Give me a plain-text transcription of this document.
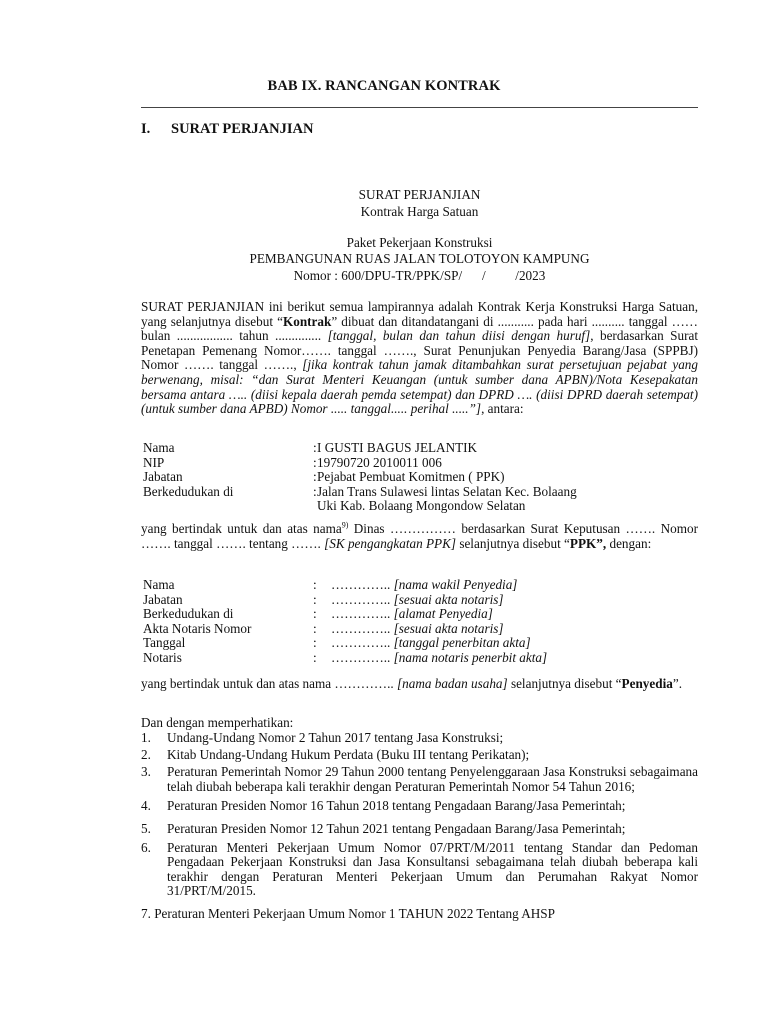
BAB IX. RANCANGAN KONTRAK
I. SURAT PERJANJIAN
SURAT PERJANJIAN
Kontrak Harga Satuan
Paket Pekerjaan Konstruksi
PEMBANGUNAN RUAS JALAN TOLOTOYON KAMPUNG
Nomor : 600/DPU-TR/PPK/SP/      /         /2023
SURAT PERJANJIAN ini berikut semua lampirannya adalah Kontrak Kerja Konstruksi Harga Satuan, yang selanjutnya disebut “Kontrak” dibuat dan ditandatangani di ........... pada hari .......... tanggal …… bulan ................. tahun .............. [tanggal, bulan dan tahun diisi dengan huruf], berdasarkan Surat Penetapan Pemenang Nomor……. tanggal ……., Surat Penunjukan Penyedia Barang/Jasa (SPPBJ) Nomor ……. tanggal ……., [jika kontrak tahun jamak ditambahkan surat persetujuan pejabat yang berwenang, misal: “dan Surat Menteri Keuangan (untuk sumber dana APBN)/Nota Kesepakatan bersama antara ….. (diisi kepala daerah pemda setempat) dan DPRD …. (diisi DPRD daerah setempat) (untuk sumber dana APBD) Nomor ..... tanggal..... perihal .....”], antara:
Nama	: I GUSTI BAGUS JELANTIK
NIP	: 19790720 2010011 006
Jabatan	: Pejabat Pembuat Komitmen ( PPK)
Berkedudukan di	: Jalan Trans Sulawesi lintas Selatan Kec. Bolaang
Uki Kab. Bolaang Mongondow Selatan
yang bertindak untuk dan atas nama$^{9)}$ Dinas …………… berdasarkan Surat Keputusan ……. Nomor ……. tanggal ……. tentang ……. [SK pengangkatan PPK] selanjutnya disebut “PPK”, dengan:
Nama	:	………….. [nama wakil Penyedia]
Jabatan	:	………….. [sesuai akta notaris]
Berkedudukan di	:	………….. [alamat Penyedia]
Akta Notaris Nomor	:	………….. [sesuai akta notaris]
Tanggal	:	………….. [tanggal penerbitan akta]
Notaris	:	………….. [nama notaris penerbit akta]
yang bertindak untuk dan atas nama ………….. [nama badan usaha] selanjutnya disebut “Penyedia”.
Dan dengan memperhatikan:
1. Undang-Undang Nomor 2 Tahun 2017 tentang Jasa Konstruksi;
2. Kitab Undang-Undang Hukum Perdata (Buku III tentang Perikatan);
3. Peraturan Pemerintah Nomor 29 Tahun 2000 tentang Penyelenggaraan Jasa Konstruksi sebagaimana telah diubah beberapa kali terakhir dengan Peraturan Pemerintah Nomor 54 Tahun 2016;
4. Peraturan Presiden Nomor 16 Tahun 2018 tentang Pengadaan Barang/Jasa Pemerintah;
5. Peraturan Presiden Nomor 12 Tahun 2021 tentang Pengadaan Barang/Jasa Pemerintah;
6. Peraturan Menteri Pekerjaan Umum Nomor 07/PRT/M/2011 tentang Standar dan Pedoman Pengadaan Pekerjaan Konstruksi dan Jasa Konsultansi sebagaimana telah diubah beberapa kali terakhir dengan Peraturan Menteri Pekerjaan Umum dan Perumahan Rakyat Nomor 31/PRT/M/2015.
7. Peraturan Menteri Pekerjaan Umum Nomor 1 TAHUN 2022 Tentang AHSP
